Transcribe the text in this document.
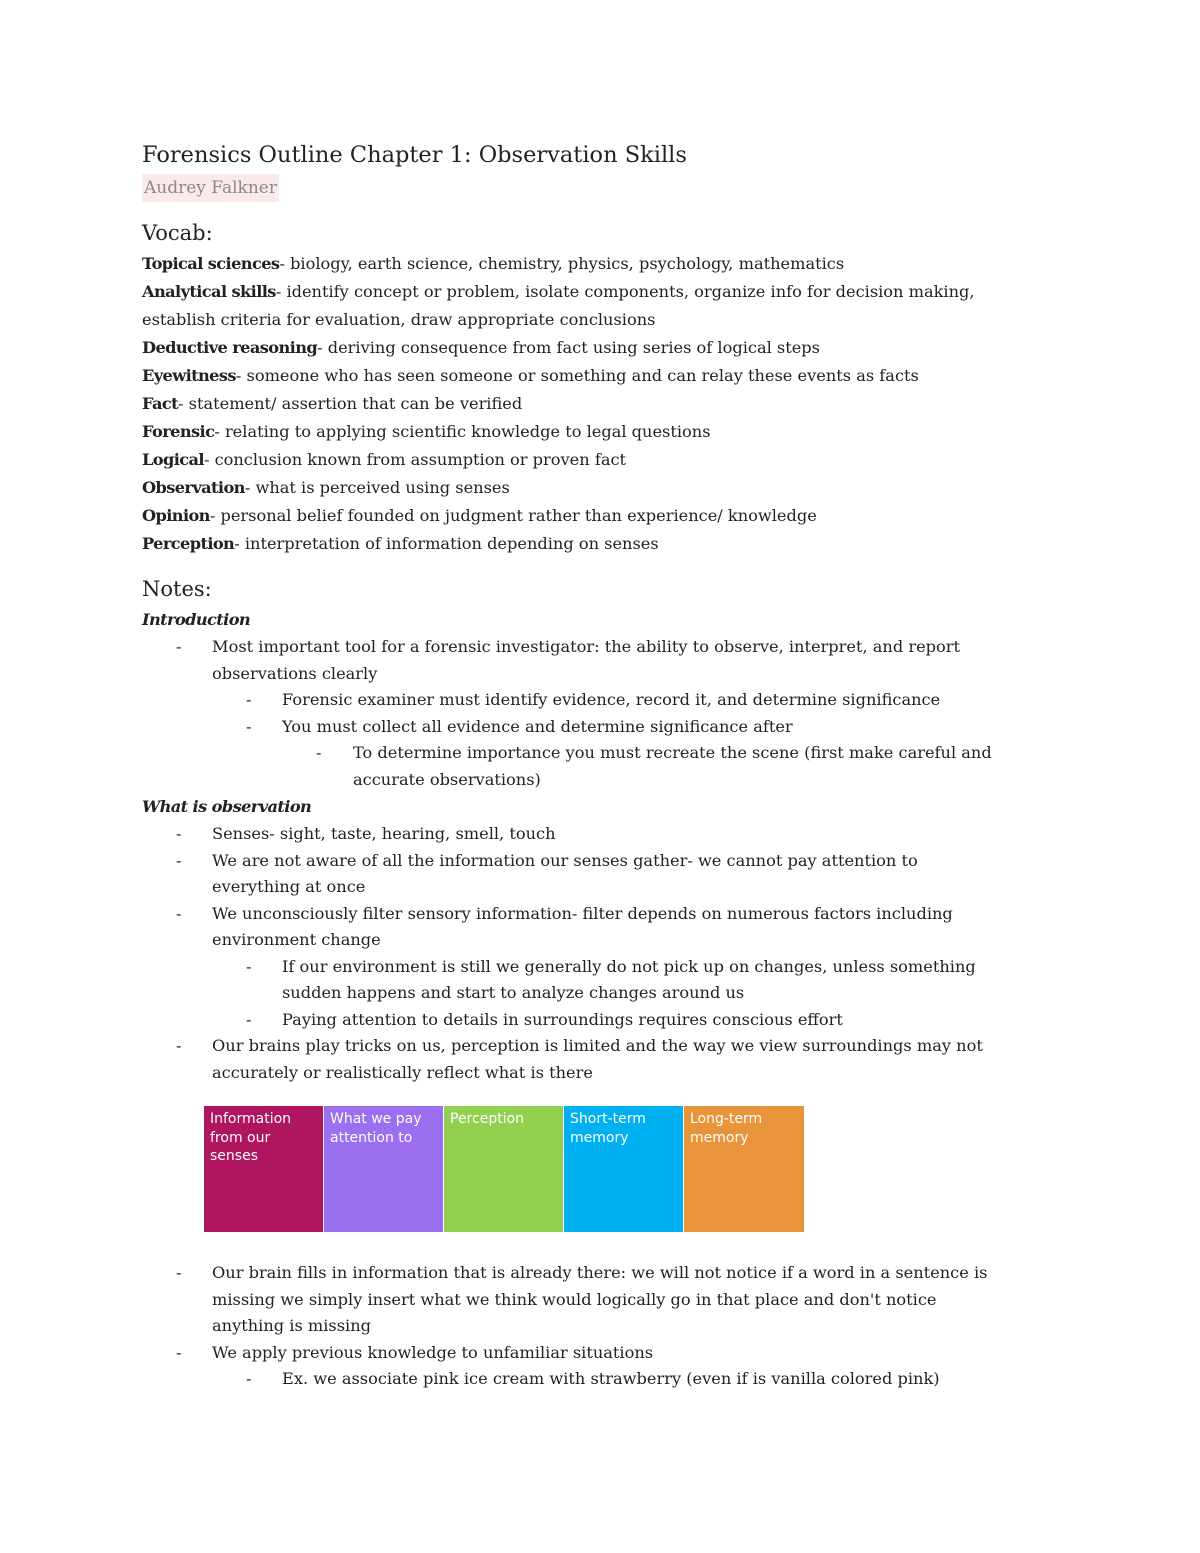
Forensics Outline Chapter 1: Observation Skills
Audrey Falkner
Vocab:
Topical sciences- biology, earth science, chemistry, physics, psychology, mathematics
Analytical skills- identify concept or problem, isolate components, organize info for decision making,
establish criteria for evaluation, draw appropriate conclusions
Deductive reasoning- deriving consequence from fact using series of logical steps
Eyewitness- someone who has seen someone or something and can relay these events as facts
Fact- statement/ assertion that can be verified
Forensic- relating to applying scientific knowledge to legal questions
Logical- conclusion known from assumption or proven fact
Observation- what is perceived using senses
Opinion- personal belief founded on judgment rather than experience/ knowledge
Perception- interpretation of information depending on senses
Notes:
Introduction
- Most important tool for a forensic investigator: the ability to observe, interpret, and report
observations clearly
- Forensic examiner must identify evidence, record it, and determine significance
- You must collect all evidence and determine significance after
- To determine importance you must recreate the scene (first make careful and
accurate observations)
What is observation
- Senses- sight, taste, hearing, smell, touch
- We are not aware of all the information our senses gather- we cannot pay attention to
everything at once
- We unconsciously filter sensory information- filter depends on numerous factors including
environment change
- If our environment is still we generally do not pick up on changes, unless something
sudden happens and start to analyze changes around us
- Paying attention to details in surroundings requires conscious effort
- Our brains play tricks on us, perception is limited and the way we view surroundings may not
accurately or realistically reflect what is there
Information
from our
senses
What we pay
attention to
Perception	Short-term
memory
Long-term
memory
- Our brain fills in information that is already there: we will not notice if a word in a sentence is
missing we simply insert what we think would logically go in that place and don't notice
anything is missing
- We apply previous knowledge to unfamiliar situations
- Ex. we associate pink ice cream with strawberry (even if is vanilla colored pink)
